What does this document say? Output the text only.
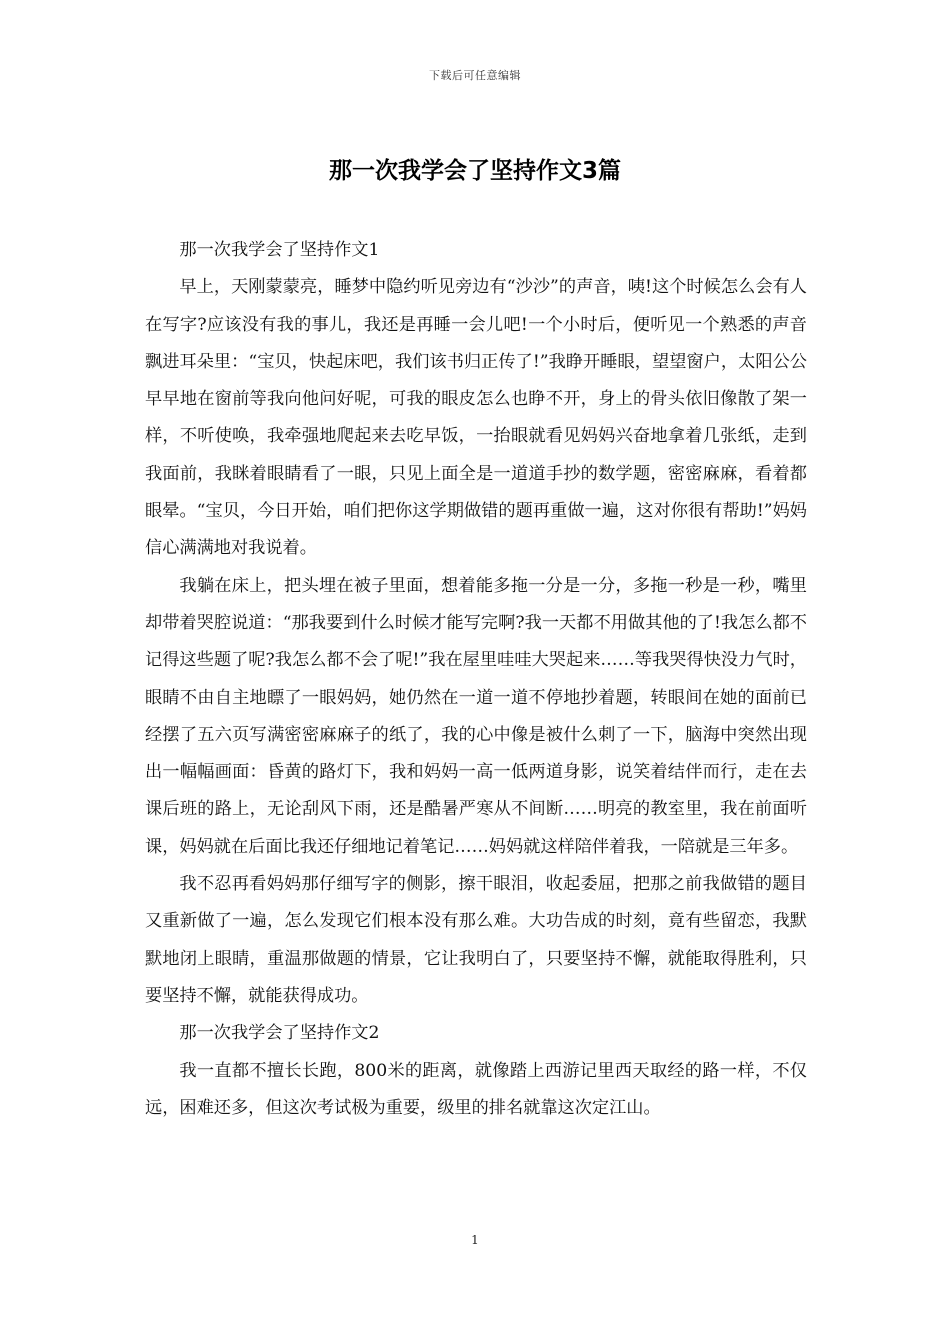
下载后可任意编辑
那一次我学会了坚持作文3篇

那一次我学会了坚持作文1

早上，天刚蒙蒙亮，睡梦中隐约听见旁边有“沙沙”的声音，咦!这个时候怎么会有人在写字?应该没有我的事儿，我还是再睡一会儿吧!一个小时后，便听见一个熟悉的声音飘进耳朵里：“宝贝，快起床吧，我们该书归正传了!”我睁开睡眼，望望窗户，太阳公公早早地在窗前等我向他问好呢，可我的眼皮怎么也睁不开，身上的骨头依旧像散了架一样，不听使唤，我牵强地爬起来去吃早饭，一抬眼就看见妈妈兴奋地拿着几张纸，走到我面前，我眯着眼睛看了一眼，只见上面全是一道道手抄的数学题，密密麻麻，看着都眼晕。“宝贝，今日开始，咱们把你这学期做错的题再重做一遍，这对你很有帮助!”妈妈信心满满地对我说着。

我躺在床上，把头埋在被子里面，想着能多拖一分是一分，多拖一秒是一秒，嘴里却带着哭腔说道：“那我要到什么时候才能写完啊?我一天都不用做其他的了!我怎么都不记得这些题了呢?我怎么都不会了呢!”我在屋里哇哇大哭起来……等我哭得快没力气时，眼睛不由自主地瞟了一眼妈妈，她仍然在一道一道不停地抄着题，转眼间在她的面前已经摆了五六页写满密密麻麻子的纸了，我的心中像是被什么刺了一下，脑海中突然出现出一幅幅画面：昏黄的路灯下，我和妈妈一高一低两道身影，说笑着结伴而行，走在去课后班的路上，无论刮风下雨，还是酷暑严寒从不间断……明亮的教室里，我在前面听课，妈妈就在后面比我还仔细地记着笔记……妈妈就这样陪伴着我，一陪就是三年多。

我不忍再看妈妈那仔细写字的侧影，擦干眼泪，收起委屈，把那之前我做错的题目又重新做了一遍，怎么发现它们根本没有那么难。大功告成的时刻，竟有些留恋，我默默地闭上眼睛，重温那做题的情景，它让我明白了，只要坚持不懈，就能取得胜利，只要坚持不懈，就能获得成功。

那一次我学会了坚持作文2

我一直都不擅长长跑，800米的距离，就像踏上西游记里西天取经的路一样，不仅远，困难还多，但这次考试极为重要，级里的排名就靠这次定江山。

1
